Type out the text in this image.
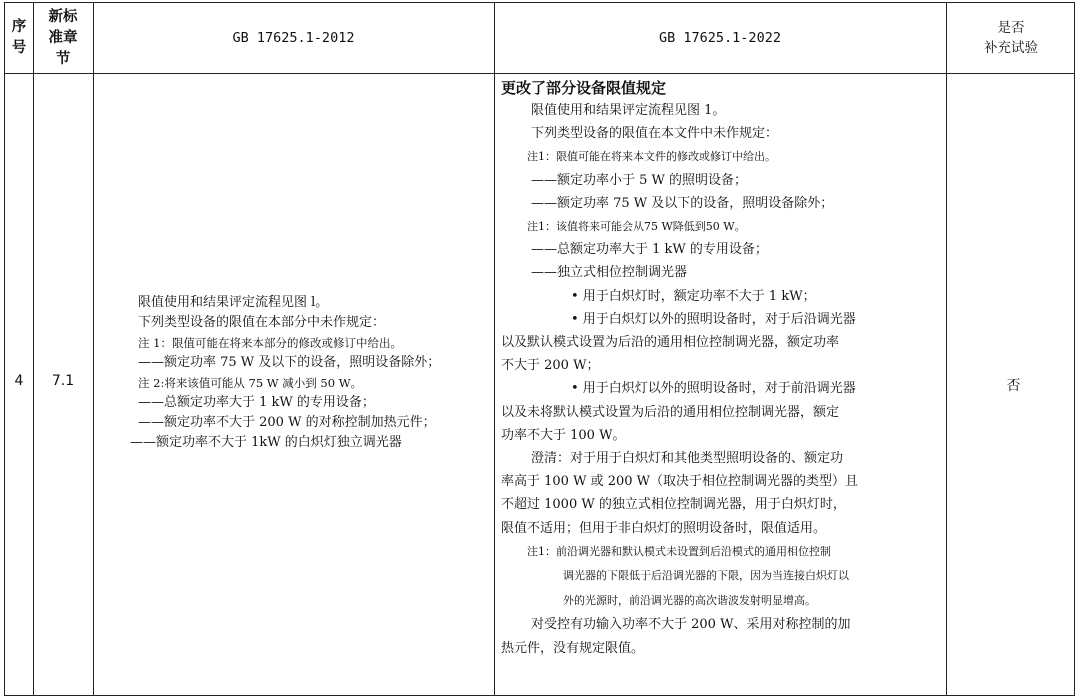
序
号
新标
准章
节
GB 17625.1-2012	GB 17625.1-2022
是否
补充试验
4	7.1
限值使用和结果评定流程见图 l。
下列类型设备的限值在本部分中未作规定：
注 1：限值可能在将来本部分的修改或修订中给出。
——额定功率 75 W 及以下的设备，照明设备除外；
注 2:将来该值可能从 75 W 减小到 50 W。
——总额定功率大于 1 kW 的专用设备；
——额定功率不大于 200 W 的对称控制加热元件；
——额定功率不大于 1kW 的白炽灯独立调光器
更改了部分设备限值规定
限值使用和结果评定流程见图 1。
下列类型设备的限值在本文件中未作规定：
注1：限值可能在将来本文件的修改或修订中给出。
——额定功率小于 5 W 的照明设备；
——额定功率 75 W 及以下的设备，照明设备除外；
注1：该值将来可能会从75 W降低到50 W。
——总额定功率大于 1 kW 的专用设备；
——独立式相位控制调光器
• 用于白炽灯时，额定功率不大于 1 kW；
• 用于白炽灯以外的照明设备时，对于后沿调光器
以及默认模式设置为后沿的通用相位控制调光器，额定功率
不大于 200 W；
• 用于白炽灯以外的照明设备时，对于前沿调光器
以及未将默认模式设置为后沿的通用相位控制调光器，额定
功率不大于 100 W。
澄清：对于用于白炽灯和其他类型照明设备的、额定功
率高于 100 W 或 200 W（取决于相位控制调光器的类型）且
不超过 1000 W 的独立式相位控制调光器，用于白炽灯时，
限值不适用；但用于非白炽灯的照明设备时，限值适用。
注1：前沿调光器和默认模式未设置到后沿模式的通用相位控制
调光器的下限低于后沿调光器的下限，因为当连接白炽灯以
外的光源时，前沿调光器的高次谐波发射明显增高。
对受控有功输入功率不大于 200 W、采用对称控制的加
热元件，没有规定限值。
否
